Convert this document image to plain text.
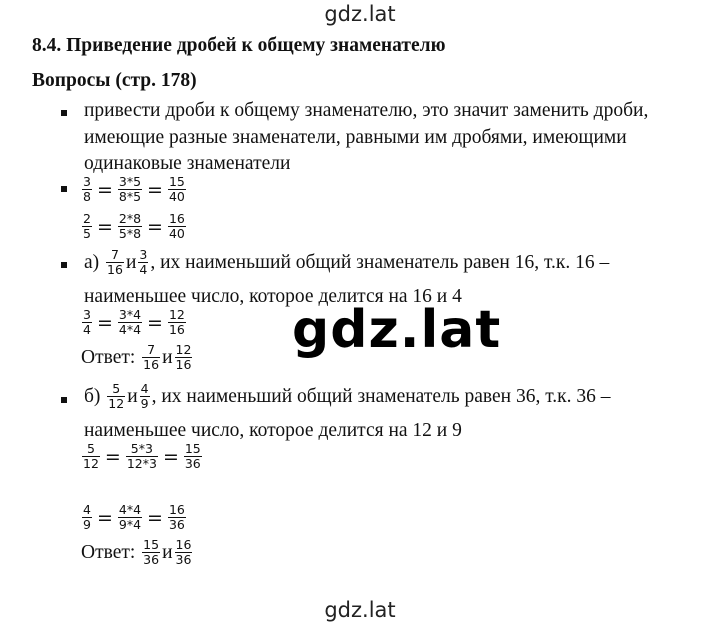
gdz.lat
8.4. Приведение дробей к общему знаменателю
Вопросы (стр. 178)
привести дроби к общему знаменателю, это значит заменить дроби,
имеющие разные знаменатели, равными им дробями, имеющими
одинаковые знаменатели
$\frac{3}{8} = \frac{3*5}{8*5} = \frac{15}{40}$
$\frac{2}{5} = \frac{2*8}{5*8} = \frac{16}{40}$
$а) \frac{7}{16}$ и $\frac{3}{4}$ , их наименьший общий знаменатель равен 16, т.к. 16 –
наименьшее число, которое делится на 16 и 4
$\frac{3}{4} = \frac{3*4}{4*4} = \frac{12}{16}$
Ответ: $\frac{7}{16}$ и $\frac{12}{16}$
$б) \frac{5}{12}$ и $\frac{4}{9}$ , их наименьший общий знаменатель равен 36, т.к. 36 –
наименьшее число, которое делится на 12 и 9
$\frac{5}{12} = \frac{5*3}{12*3} = \frac{15}{36}$
$\frac{4}{9} = \frac{4*4}{9*4} = \frac{16}{36}$
Ответ: $\frac{15}{36}$ и $\frac{16}{36}$
gdz.lat
gdz.lat
